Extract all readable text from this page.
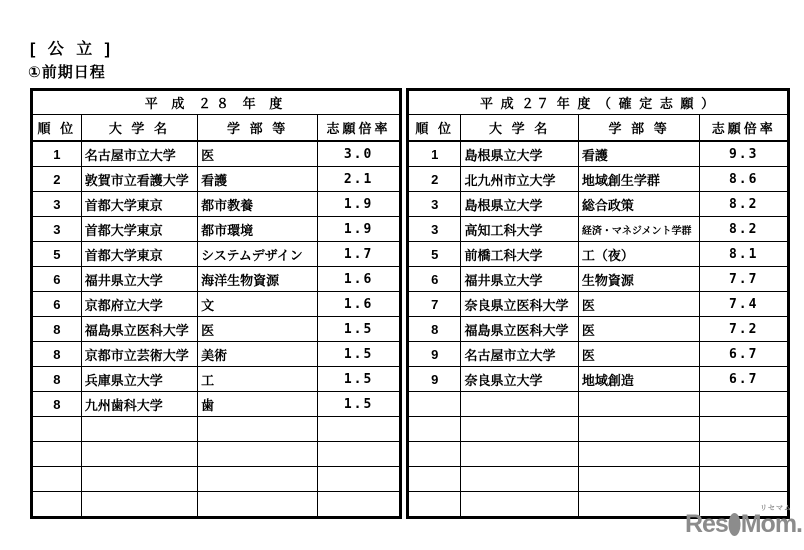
[ 公 立 ]
①前期日程
平 成 ２８ 年 度			
順 位	大 学 名	学 部 等	志願倍率
1	名古屋市立大学	医	3.0
2	敦賀市立看護大学	看護	2.1
3	首都大学東京	都市教養	1.9
3	首都大学東京	都市環境	1.9
5	首都大学東京	システムデザイン	1.7
6	福井県立大学	海洋生物資源	1.6
6	京都府立大学	文	1.6
8	福島県立医科大学	医	1.5
8	京都市立芸術大学	美術	1.5
8	兵庫県立大学	工	1.5
8	九州歯科大学	歯	1.5

平 成 ２７ 年 度 （ 確 定 志 願 ）			
順 位	大 学 名	学 部 等	志願倍率
1	島根県立大学	看護	9.3
2	北九州市立大学	地域創生学群	8.6
3	島根県立大学	総合政策	8.2
3	高知工科大学	経済・マネジメント学群	8.2
5	前橋工科大学	工（夜）	8.1
6	福井県立大学	生物資源	7.7
7	奈良県立医科大学	医	7.4
8	福島県立医科大学	医	7.2
9	名古屋市立大学	医	6.7
9	奈良県立大学	地域創造	6.7

リセマム
ReseMom.
